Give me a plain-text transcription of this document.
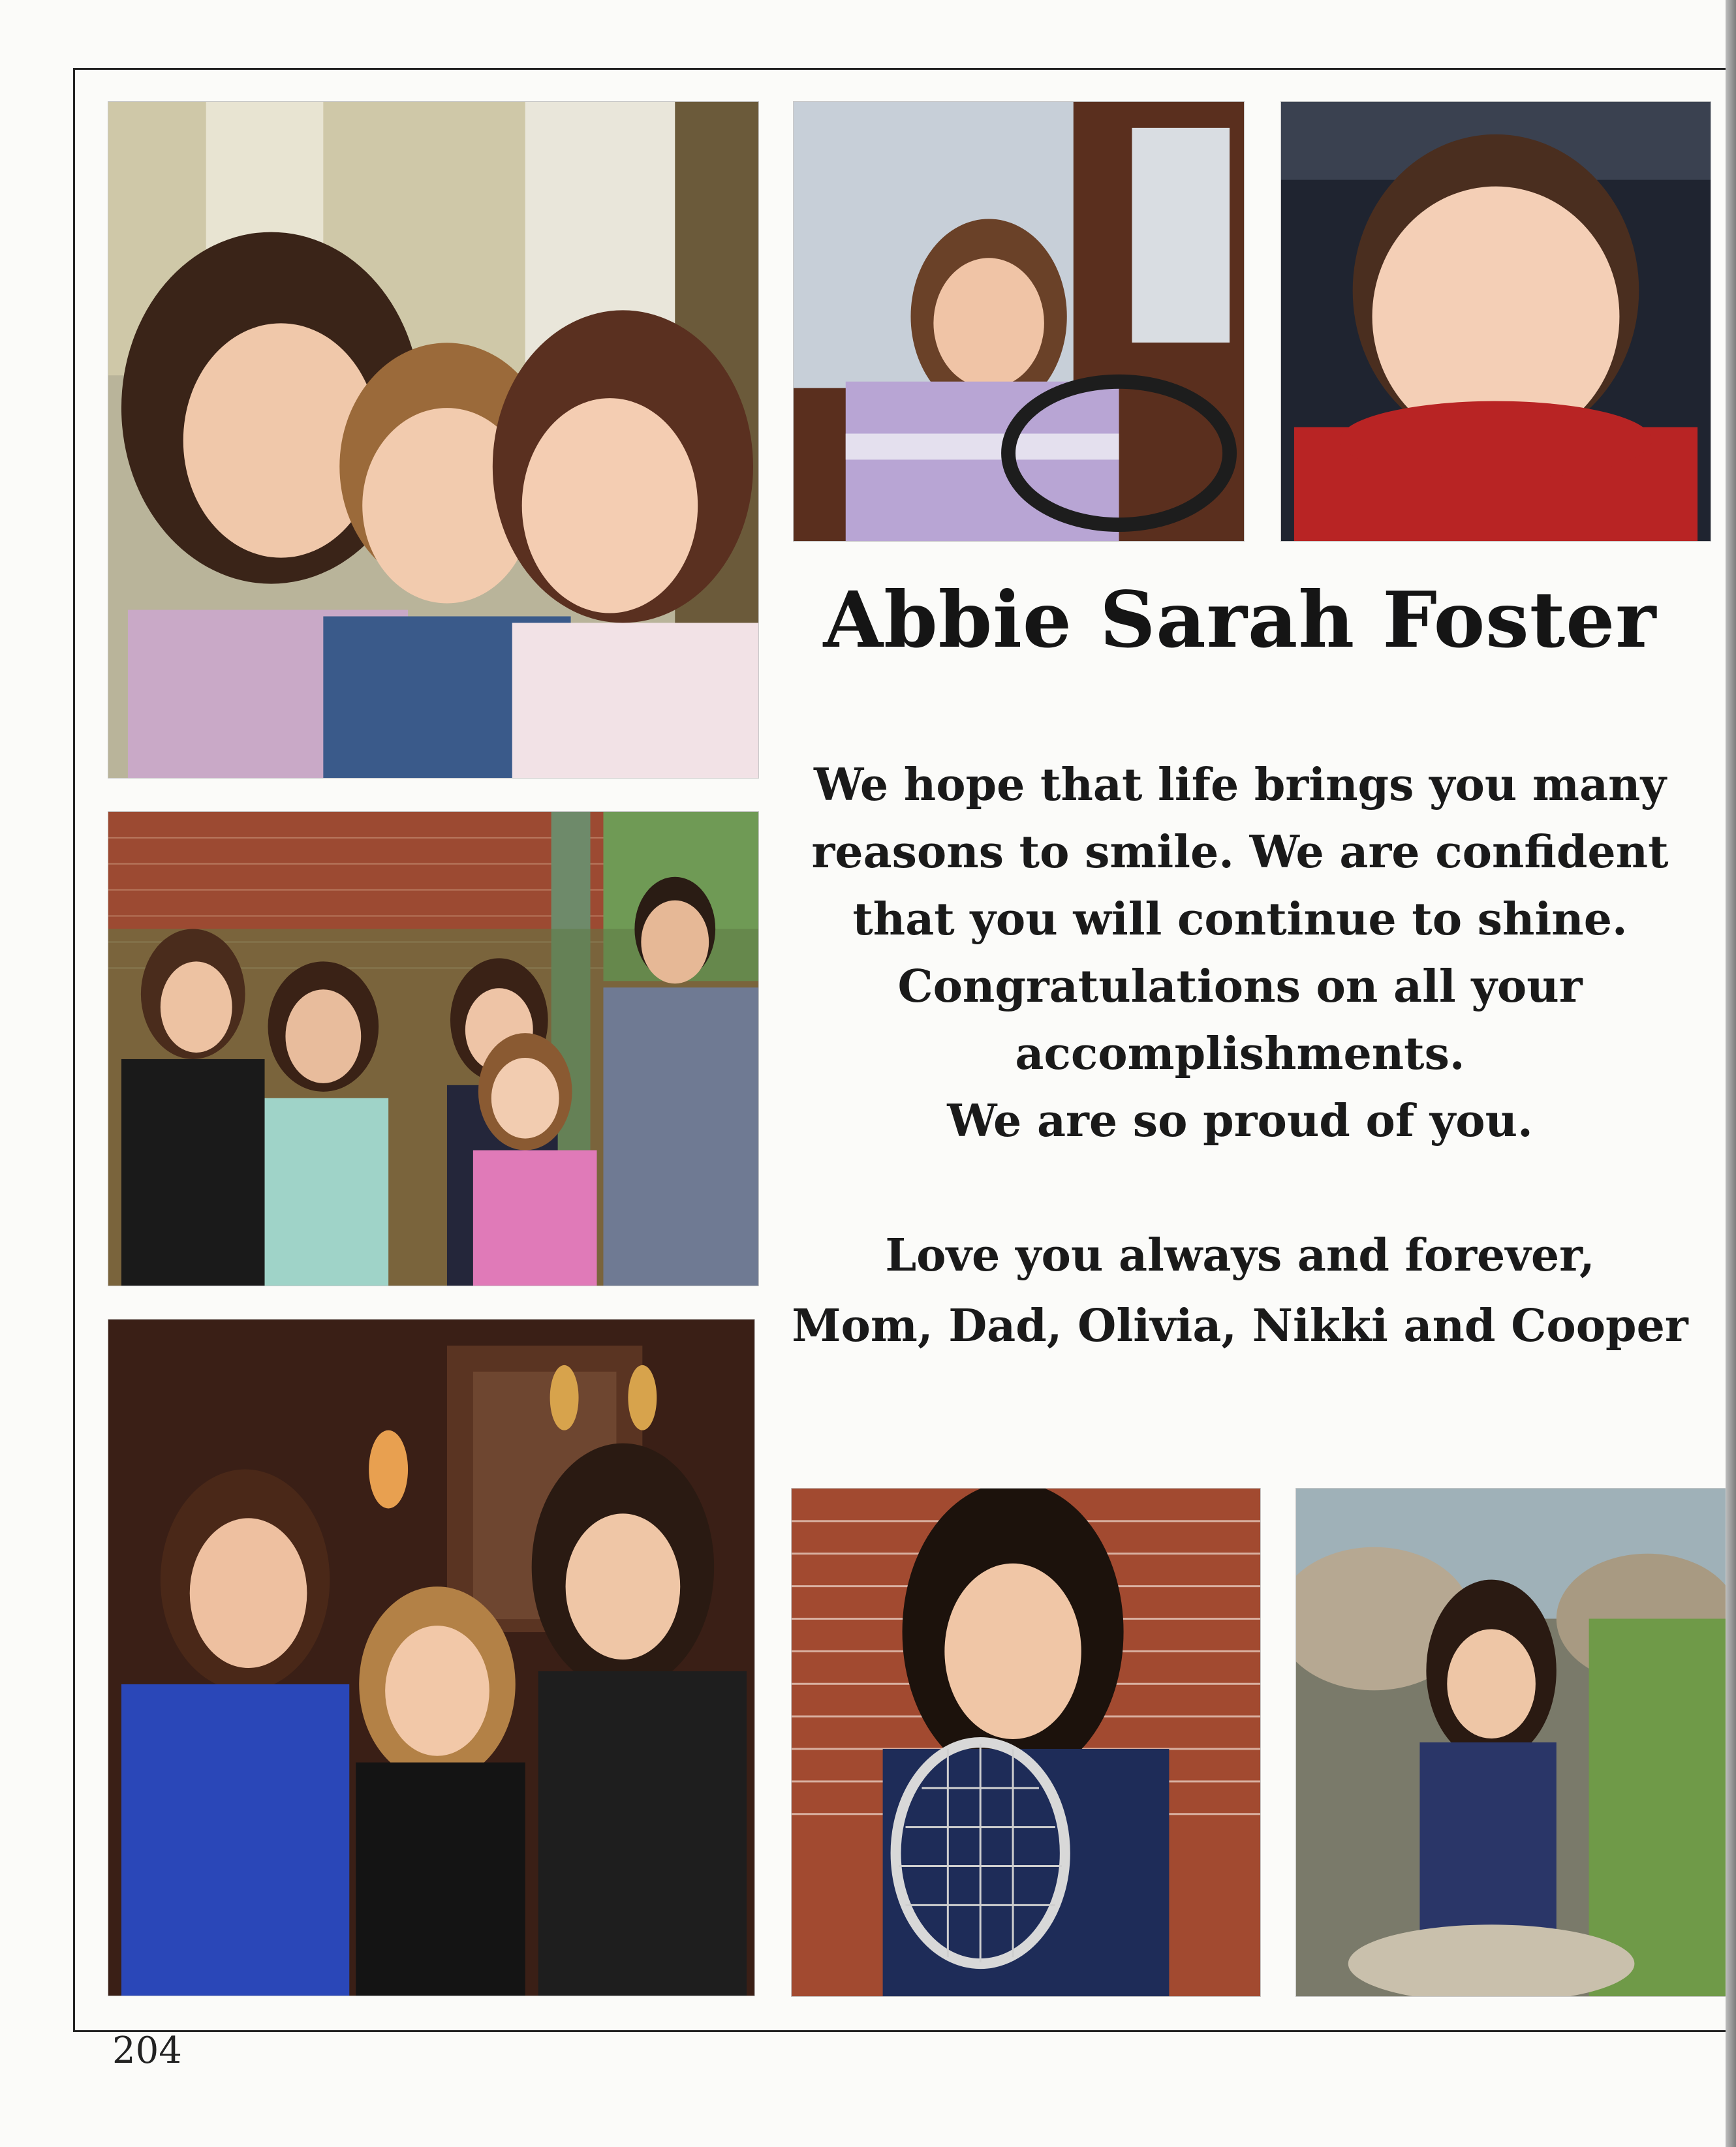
Abbie Sarah Foster
We hope that life brings you many
reasons to smile. We are confident
that you will continue to shine.
Congratulations on all your
accomplishments.
We are so proud of you.
Love you always and forever,
Mom, Dad, Olivia, Nikki and Cooper
204
